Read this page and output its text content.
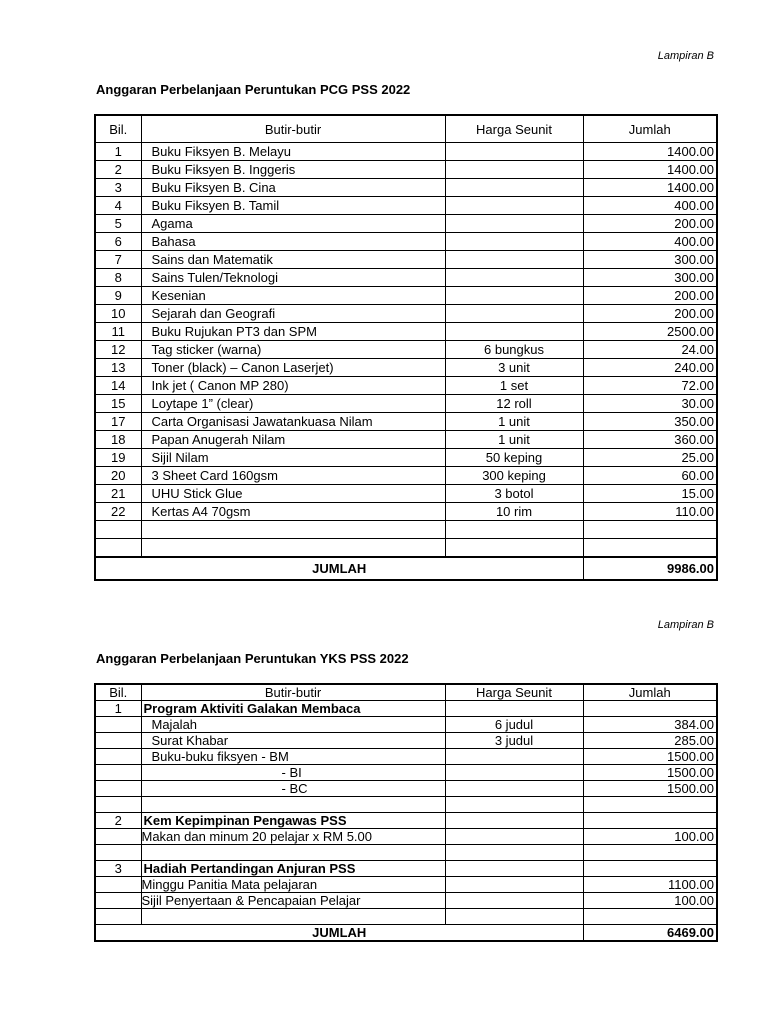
Lampiran B
Anggaran Perbelanjaan Peruntukan PCG PSS 2022
Bil.	Butir-butir	Harga Seunit	Jumlah
1	Buku Fiksyen B. Melayu		1400.00
2	Buku Fiksyen B. Inggeris		1400.00
3	Buku Fiksyen B. Cina		1400.00
4	Buku Fiksyen B. Tamil		400.00
5	Agama		200.00
6	Bahasa		400.00
7	Sains dan Matematik		300.00
8	Sains Tulen/Teknologi		300.00
9	Kesenian		200.00
10	Sejarah dan Geografi		200.00
11	Buku Rujukan PT3 dan SPM		2500.00
12	Tag sticker (warna)	6 bungkus	24.00
13	Toner (black) – Canon Laserjet)	3 unit	240.00
14	Ink jet ( Canon MP 280)	1 set	72.00
15	Loytape 1” (clear)	12 roll	30.00
17	Carta Organisasi Jawatankuasa Nilam	1 unit	350.00
18	Papan Anugerah Nilam	1 unit	360.00
19	Sijil Nilam	50 keping	25.00
20	3 Sheet Card 160gsm	300 keping	60.00
21	UHU Stick Glue	3 botol	15.00
22	Kertas A4 70gsm	10 rim	110.00

JUMLAH			9986.00
Lampiran B
Anggaran Perbelanjaan Peruntukan YKS PSS 2022
Bil.	Butir-butir	Harga Seunit	Jumlah
1	Program Aktiviti Galakan Membaca		
	Majalah	6 judul	384.00
	Surat Khabar	3 judul	285.00
	Buku-buku fiksyen - BM		1500.00
	- BI		1500.00
	- BC		1500.00

2	Kem Kepimpinan Pengawas PSS		
	Makan dan minum 20 pelajar x RM 5.00		100.00

3	Hadiah Pertandingan Anjuran PSS		
	Minggu Panitia Mata pelajaran		1100.00
	Sijil Penyertaan & Pencapaian Pelajar		100.00

JUMLAH			6469.00
